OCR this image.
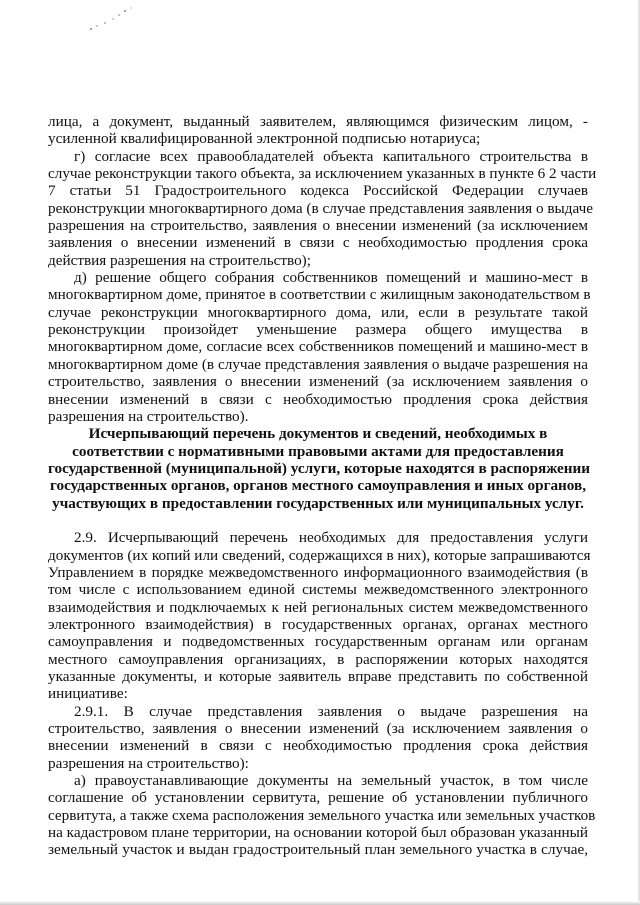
лица, а документ, выданный заявителем, являющимся физическим лицом, -
усиленной квалифицированной электронной подписью нотариуса;
г) согласие всех правообладателей объекта капитального строительства в
случае реконструкции такого объекта, за исключением указанных в пункте 6 2 части
7 статьи 51 Градостроительного кодекса Российской Федерации случаев
реконструкции многоквартирного дома (в случае представления заявления о выдаче
разрешения на строительство, заявления о внесении изменений (за исключением
заявления о внесении изменений в связи с необходимостью продления срока
действия разрешения на строительство);
д) решение общего собрания собственников помещений и машино-мест в
многоквартирном доме, принятое в соответствии с жилищным законодательством в
случае реконструкции многоквартирного дома, или, если в результате такой
реконструкции произойдет уменьшение размера общего имущества в
многоквартирном доме, согласие всех собственников помещений и машино-мест в
многоквартирном доме (в случае представления заявления о выдаче разрешения на
строительство, заявления о внесении изменений (за исключением заявления о
внесении изменений в связи с необходимостью продления срока действия
разрешения на строительство).
Исчерпывающий перечень документов и сведений, необходимых в
соответствии с нормативными правовыми актами для предоставления
государственной (муниципальной) услуги, которые находятся в распоряжении
государственных органов, органов местного самоуправления и иных органов,
участвующих в предоставлении государственных или муниципальных услуг.
2.9. Исчерпывающий перечень необходимых для предоставления услуги
документов (их копий или сведений, содержащихся в них), которые запрашиваются
Управлением в порядке межведомственного информационного взаимодействия (в
том числе с использованием единой системы межведомственного электронного
взаимодействия и подключаемых к ней региональных систем межведомственного
электронного взаимодействия) в государственных органах, органах местного
самоуправления и подведомственных государственным органам или органам
местного самоуправления организациях, в распоряжении которых находятся
указанные документы, и которые заявитель вправе представить по собственной
инициативе:
2.9.1. В случае представления заявления о выдаче разрешения на
строительство, заявления о внесении изменений (за исключением заявления о
внесении изменений в связи с необходимостью продления срока действия
разрешения на строительство):
а) правоустанавливающие документы на земельный участок, в том числе
соглашение об установлении сервитута, решение об установлении публичного
сервитута, а также схема расположения земельного участка или земельных участков
на кадастровом плане территории, на основании которой был образован указанный
земельный участок и выдан градостроительный план земельного участка в случае,
